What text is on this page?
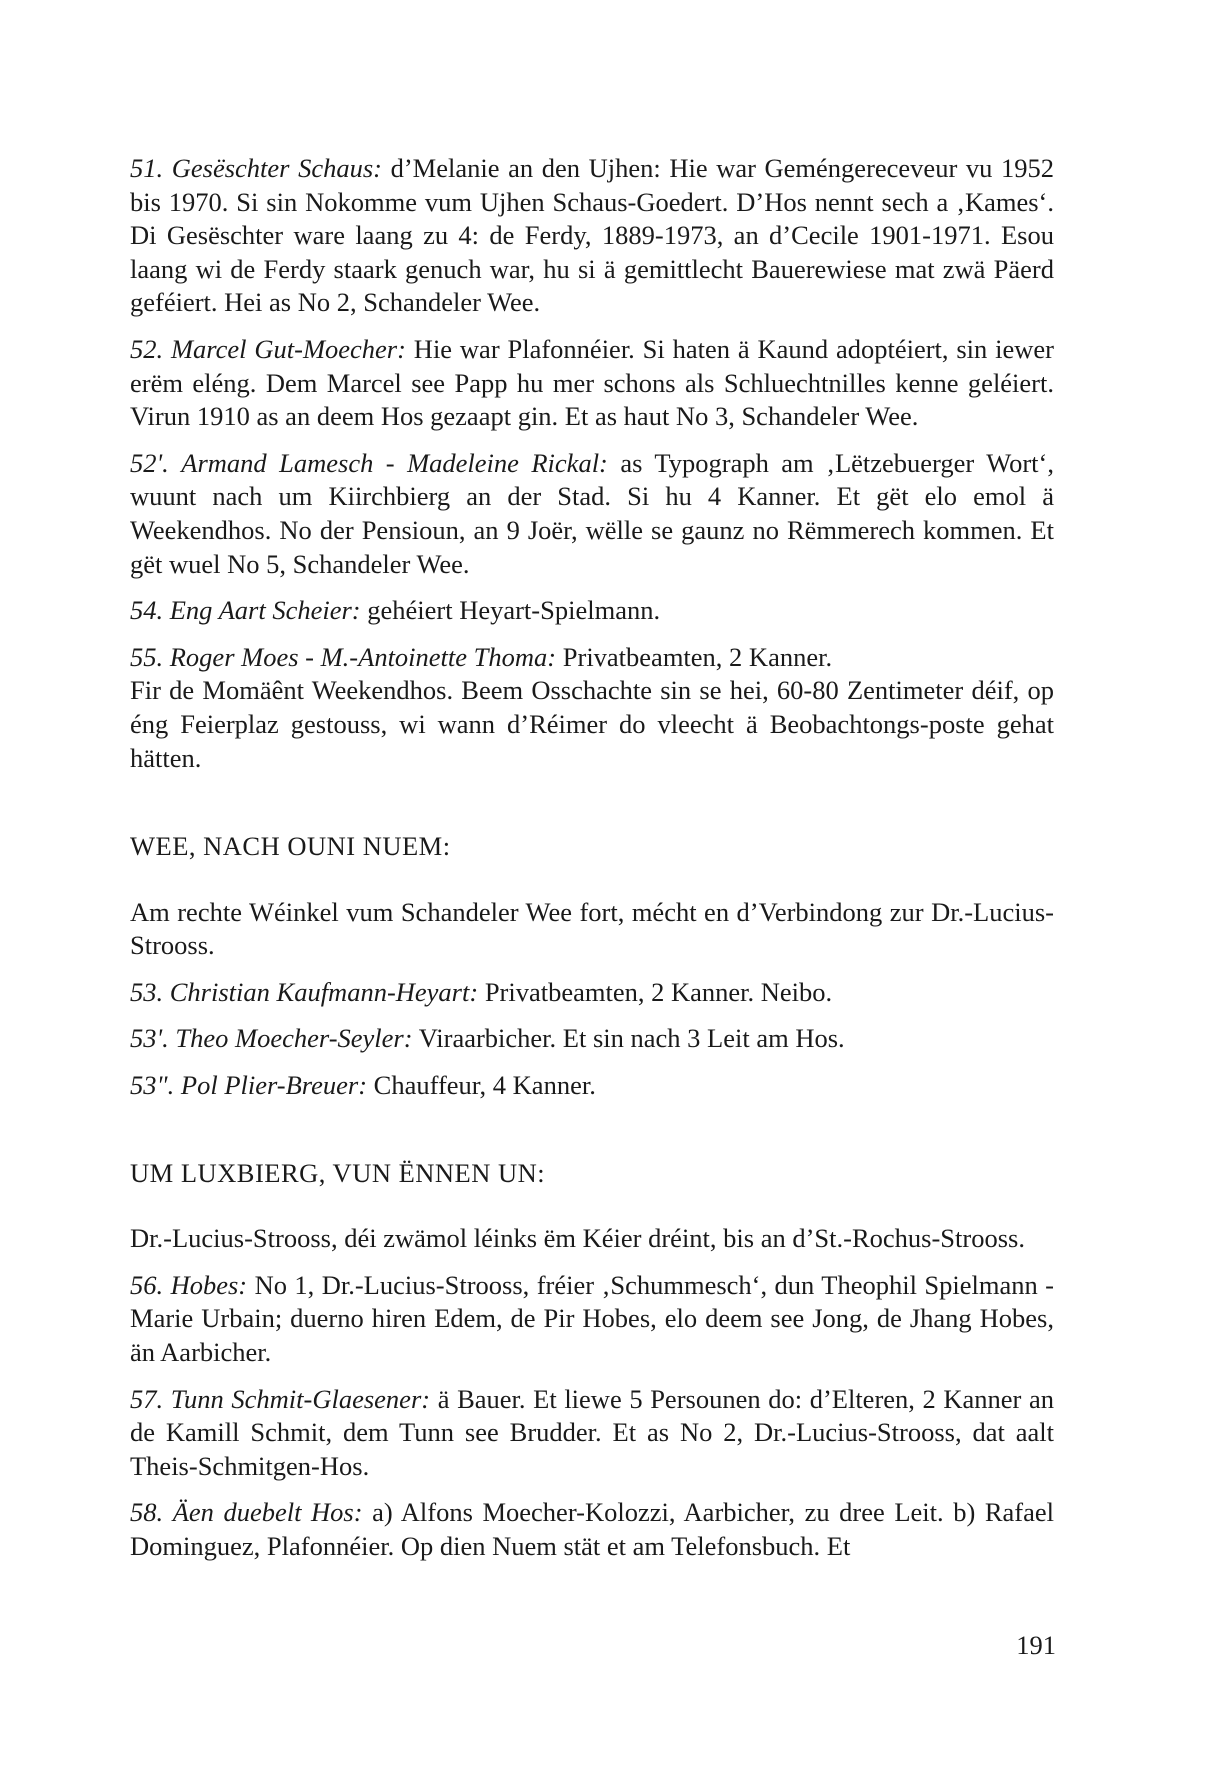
51. Gesëschter Schaus: d’Melanie an den Ujhen: Hie war Geméngereceveur vu 1952 bis 1970. Si sin Nokomme vum Ujhen Schaus-Goedert. D’Hos nennt sech a ‚Kames‘. Di Gesëschter ware laang zu 4: de Ferdy, 1889-1973, an d’Cecile 1901-1971. Esou laang wi de Ferdy staark genuch war, hu si ä gemittlecht Bauerewiese mat zwä Päerd geféiert. Hei as No 2, Schandeler Wee.

52. Marcel Gut-Moecher: Hie war Plafonnéier. Si haten ä Kaund adoptéiert, sin iewer erëm eléng. Dem Marcel see Papp hu mer schons als Schluechtnilles kenne geléiert. Virun 1910 as an deem Hos gezaapt gin. Et as haut No 3, Schandeler Wee.

52'. Armand Lamesch - Madeleine Rickal: as Typograph am ‚Lëtzebuerger Wort‘, wuunt nach um Kiirchbierg an der Stad. Si hu 4 Kanner. Et gët elo emol ä Weekendhos. No der Pensioun, an 9 Joër, wëlle se gaunz no Rëmmerech kommen. Et gët wuel No 5, Schandeler Wee.

54. Eng Aart Scheier: gehéiert Heyart-Spielmann.

55. Roger Moes - M.-Antoinette Thoma: Privatbeamten, 2 Kanner.

Fir de Momäênt Weekendhos. Beem Osschachte sin se hei, 60-80 Zentimeter déif, op éng Feierplaz gestouss, wi wann d’Réimer do vleecht ä Beobachtongs-poste gehat hätten.

WEE, NACH OUNI NUEM:

Am rechte Wéinkel vum Schandeler Wee fort, mécht en d’Verbindong zur Dr.-Lucius-Strooss.

53. Christian Kaufmann-Heyart: Privatbeamten, 2 Kanner. Neibo.

53'. Theo Moecher-Seyler: Viraarbicher. Et sin nach 3 Leit am Hos.

53". Pol Plier-Breuer: Chauffeur, 4 Kanner.

UM LUXBIERG, VUN ËNNEN UN:

Dr.-Lucius-Strooss, déi zwämol léinks ëm Kéier dréint, bis an d’St.-Rochus-Strooss.

56. Hobes: No 1, Dr.-Lucius-Strooss, fréier ‚Schummesch‘, dun Theophil Spielmann - Marie Urbain; duerno hiren Edem, de Pir Hobes, elo deem see Jong, de Jhang Hobes, än Aarbicher.

57. Tunn Schmit-Glaesener: ä Bauer. Et liewe 5 Persounen do: d’Elteren, 2 Kanner an de Kamill Schmit, dem Tunn see Brudder. Et as No 2, Dr.-Lucius-Strooss, dat aalt Theis-Schmitgen-Hos.

58. Äen duebelt Hos: a) Alfons Moecher-Kolozzi, Aarbicher, zu dree Leit. b) Rafael Dominguez, Plafonnéier. Op dien Nuem stät et am Telefonsbuch. Et

191
